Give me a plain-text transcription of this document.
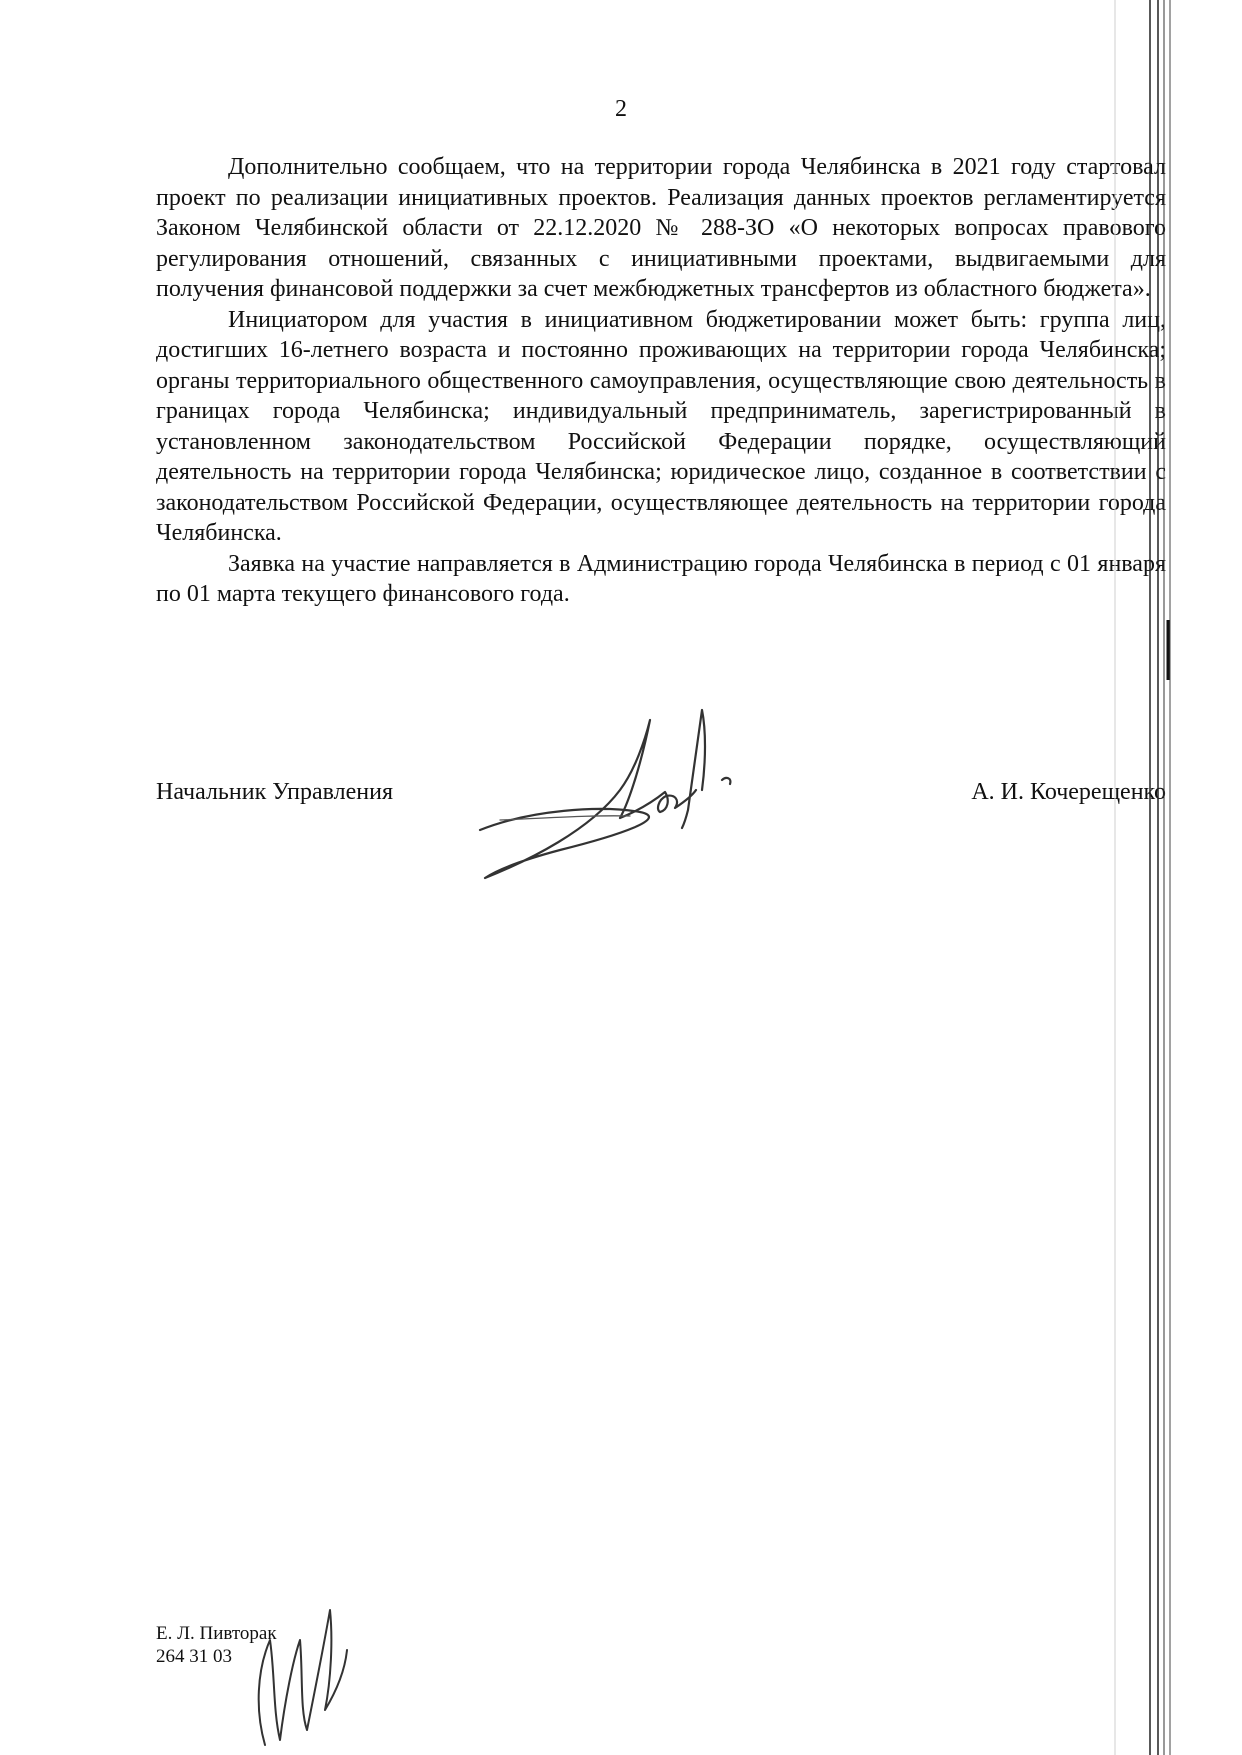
2

Дополнительно сообщаем, что на территории города Челябинска в 2021 году стартовал проект по реализации инициативных проектов. Реализация данных проектов регламентируется Законом Челябинской области от 22.12.2020 № 288-ЗО «О некоторых вопросах правового регулирования отношений, связанных с инициативными проектами, выдвигаемыми для получения финансовой поддержки за счет межбюджетных трансфертов из областного бюджета».

Инициатором для участия в инициативном бюджетировании может быть: группа лиц, достигших 16-летнего возраста и постоянно проживающих на территории города Челябинска; органы территориального общественного самоуправления, осуществляющие свою деятельность в границах города Челябинска; индивидуальный предприниматель, зарегистрированный в установленном законодательством Российской Федерации порядке, осуществляющий деятельность на территории города Челябинска; юридическое лицо, созданное в соответствии с законодательством Российской Федерации, осуществляющее деятельность на территории города Челябинска.

Заявка на участие направляется в Администрацию города Челябинска в период с 01 января по 01 марта текущего финансового года.

Начальник Управления	А. И. Кочерещенко
Е. Л. Пивторак
264 31 03
